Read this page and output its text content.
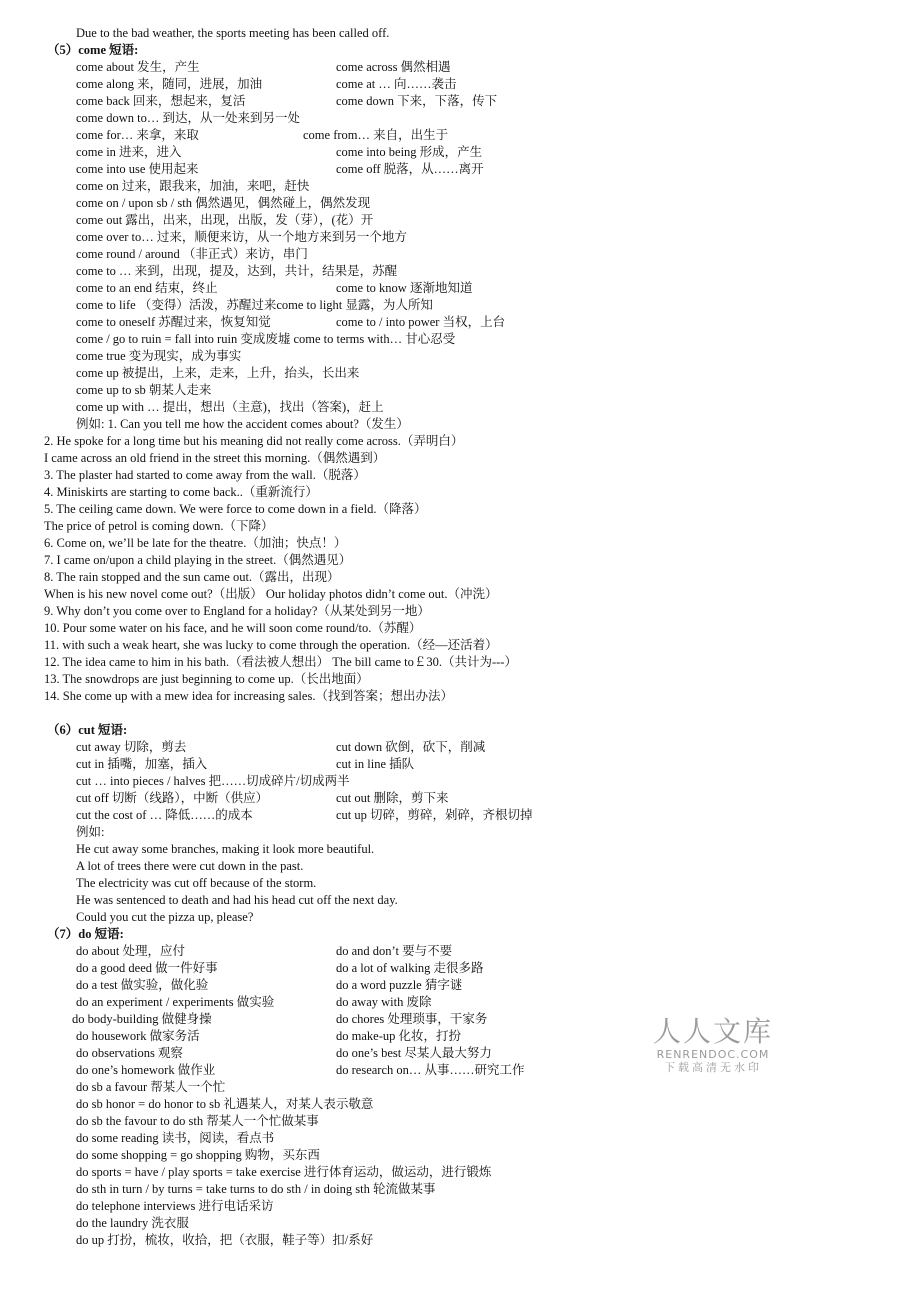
Due to the bad weather, the sports meeting has been called off.
（5）come 短语:
come about 发生，产生	come across 偶然相遇
come along 来，随同，进展，加油	come at … 向……袭击
come back 回来，想起来，复活	come down 下来，下落，传下
come down to… 到达，从一处来到另一处
come for… 来拿，来取	come from… 来自，出生于
come in 进来，进入	come into being 形成，产生
come into use 使用起来	come off 脱落，从……离开
come on 过来，跟我来，加油，来吧，赶快
come on / upon sb / sth 偶然遇见，偶然碰上，偶然发现
come out 露出，出来，出现，出版，发（芽），(花）开
come over to… 过来，顺便来访，从一个地方来到另一个地方
come round / around （非正式）来访，串门
come to … 来到，出现，提及，达到，共计，结果是，苏醒
come to an end 结束，终止	come to know 逐渐地知道
come to life （变得）活泼，苏醒过来come to light 显露，为人所知
come to oneself 苏醒过来，恢复知觉	come to / into power 当权，上台
come / go to ruin = fall into ruin 变成废墟 come to terms with… 甘心忍受
come true 变为现实，成为事实
come up 被提出，上来，走来，上升，抬头，长出来
come up to sb 朝某人走来
come up with … 提出，想出（主意)，找出（答案)，赶上
例如: 1. Can you tell me how the accident comes about?（发生）
2. He spoke for a long time but his meaning did not really come across.（弄明白）
I came across an old friend in the street this morning.（偶然遇到）
3. The plaster had started to come away from the wall.（脱落）
4. Miniskirts are starting to come back..（重新流行）
5. The ceiling came down. We were force to come down in a field.（降落）
The price of petrol is coming down.（下降）
6. Come on, we’ll be late for the theatre.（加油；快点！）
7. I came on/upon a child playing in the street.（偶然遇见）
8. The rain stopped and the sun came out.（露出，出现）
When is his new novel come out?（出版） Our holiday photos didn’t come out.（冲洗）
9. Why don’t you come over to England for a holiday?（从某处到另一地）
10. Pour some water on his face, and he will soon come round/to.（苏醒）
11. with such a weak heart, she was lucky to come through the operation.（经—还活着）
12. The idea came to him in his bath.（看法被人想出） The bill came to￡30.（共计为---）
13. The snowdrops are just beginning to come up.（长出地面）
14. She come up with a mew idea for increasing sales.（找到答案；想出办法）
（6）cut 短语:
cut away 切除，剪去	cut down 砍倒，砍下，削减
cut in 插嘴，加塞，插入	cut in line 插队
cut … into pieces / halves 把……切成碎片/切成两半
cut off 切断（线路），中断（供应）	cut out 删除，剪下来
cut the cost of … 降低……的成本	cut up 切碎，剪碎，剁碎，齐根切掉
例如:
He cut away some branches, making it look more beautiful.
A lot of trees there were cut down in the past.
The electricity was cut off because of the storm.
He was sentenced to death and had his head cut off the next day.
Could you cut the pizza up, please?
（7）do 短语:
do about 处理，应付	do and don’t 要与不要
do a good deed 做一件好事	do a lot of walking 走很多路
do a test 做实验，做化验	do a word puzzle 猜字谜
do an experiment / experiments 做实验	do away with 废除
do body-building 做健身操	do chores 处理琐事，干家务
do housework 做家务活	do make-up 化妆，打扮
do observations 观察	do one’s best 尽某人最大努力
do one’s homework 做作业	do research on… 从事……研究工作
do sb a favour 帮某人一个忙
do sb honor = do honor to sb 礼遇某人，对某人表示敬意
do sb the favour to do sth 帮某人一个忙做某事
do some reading 读书，阅读，看点书
do some shopping = go shopping 购物，买东西
do sports = have / play sports = take exercise 进行体育运动，做运动，进行锻炼
do sth in turn / by turns = take turns to do sth / in doing sth 轮流做某事
do telephone interviews 进行电话采访
do the laundry 洗衣服
do up 打扮，梳妆，收拾，把（衣服，鞋子等）扣/系好
人人文库
RENRENDOC.COM
下载高清无水印
